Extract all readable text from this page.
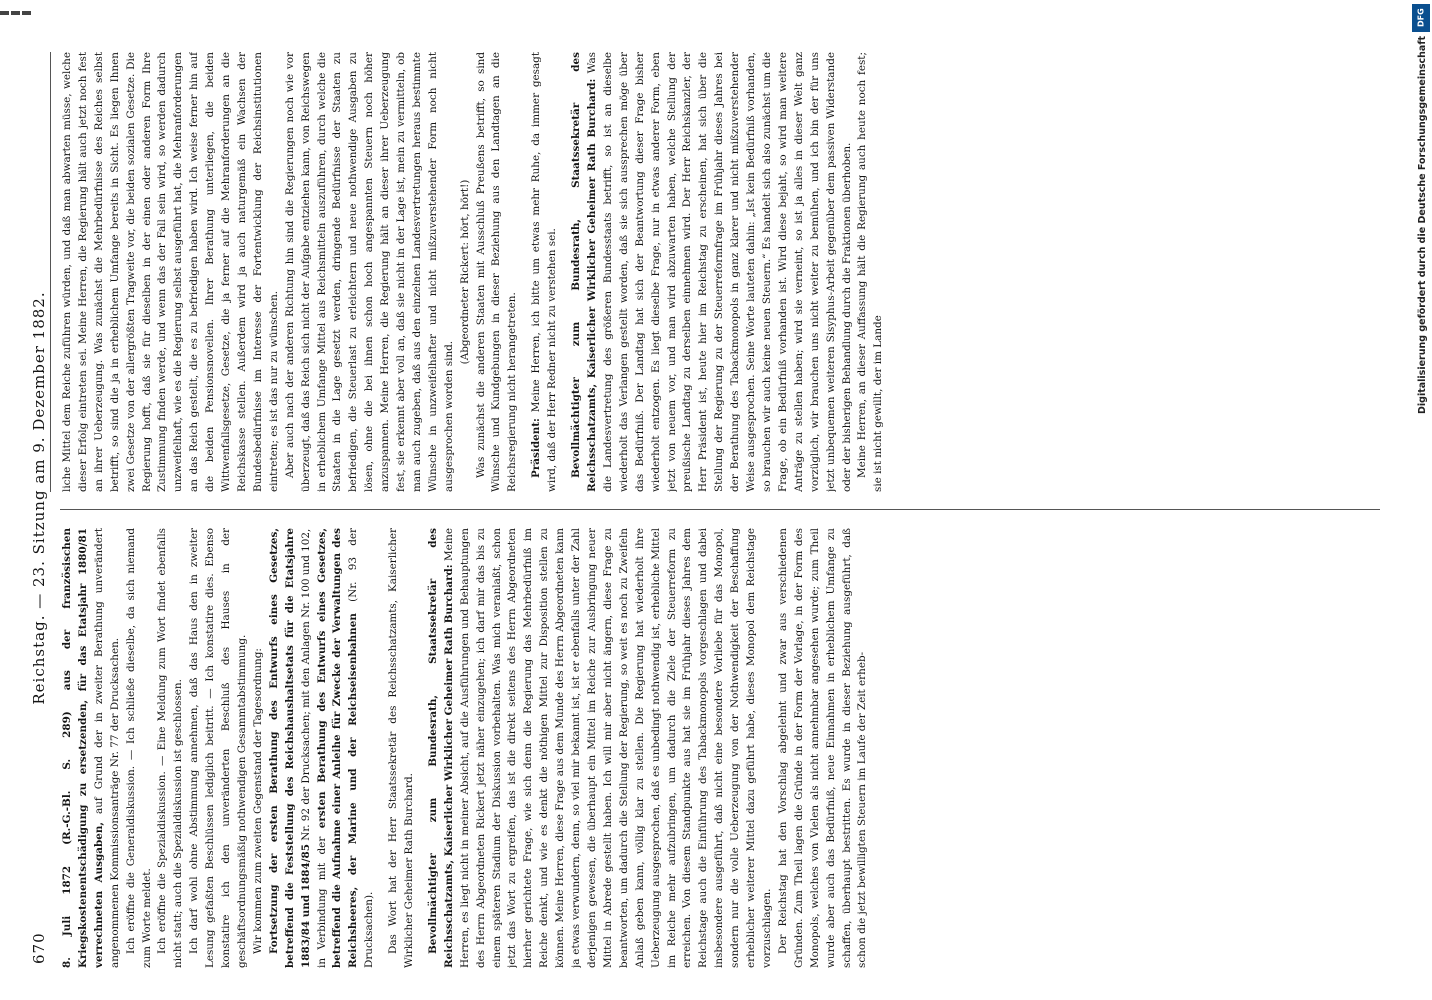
670
Reichstag. — 23. Sitzung am 9. Dezember 1882.

8. Juli 1872 (R.-G.-Bl. S. 289) aus der französischen Kriegskostenentschädigung zu ersetzenden, für das Etatsjahr 1880/81 verrechneten Ausgaben, auf Grund der in zweiter Berathung unverändert angenommenen Kommissionsanträge Nr. 77 der Drucksachen. Ich eröffne die Generaldiskussion. — Ich schließe dieselbe, da sich niemand zum Worte meldet. Ich eröffne die Spezialdiskussion. — Eine Meldung zum Wort findet ebenfalls nicht statt; auch die Spezialdiskussion ist geschlossen. Ich darf wohl ohne Abstimmung annehmen, daß das Haus den in zweiter Lesung gefaßten Beschlüssen lediglich beitritt. — Ich konstatire dies. Ebenso konstatire ich den unveränderten Beschluß des Hauses in der geschäftsordnungsmäßig nothwendigen Gesammtabstimmung. Wir kommen zum zweiten Gegenstand der Tagesordnung: Fortsetzung der ersten Berathung des Entwurfs eines Gesetzes, betreffend die Feststellung des Reichshaushaltsetats für die Etatsjahre 1883/84 und 1884/85 Nr. 92 der Drucksachen; mit den Anlagen Nr. 100 und 102,

in Verbindung mit der ersten Berathung des Entwurfs eines Gesetzes, betreffend die Aufnahme einer Anleihe für Zwecke der Verwaltungen des Reichsheeres, der Marine und der Reichseisenbahnen (Nr. 93 der Drucksachen). Das Wort hat der Herr Staatssekretär des Reichsschatzamts, Kaiserlicher Wirklicher Geheimer Rath Burchard. Bevollmächtigter zum Bundesrath, Staatssekretär des Reichsschatzamts, Kaiserlicher Wirklicher Geheimer Rath Burchard: Meine Herren, es liegt nicht in meiner Absicht, auf die Ausführungen und Behauptungen des Herrn Abgeordneten Rickert jetzt näher einzugehen; ich darf mir das bis zu einem späteren Stadium der Diskussion vorbehalten. Was mich veranlaßt, schon jetzt das Wort zu ergreifen, das ist die direkt seitens des Herrn Abgeordneten hierher gerichtete Frage, wie sich denn die Regierung das Mehrbedürfniß im Reiche denkt, und wie es denkt die nöthigen Mittel zur Disposition stellen zu können. Meine Herren, diese Frage aus dem Munde des Herrn Abgeordneten kann ja etwas verwundern, denn, so viel mir bekannt ist, ist er ebenfalls unter der Zahl derjenigen gewesen, die überhaupt ein Mittel im Reiche zur Ausbringung neuer Mittel in Abrede gestellt haben. Ich will mir aber nicht ängern, diese Frage zu beantworten, um dadurch die Stellung der Regierung, so weit es noch zu Zweifeln Anlaß geben kann, völlig klar zu stellen. Die Regierung hat wiederholt ihre Ueberzeugung ausgesprochen, daß es unbedingt nothwendig ist, erhebliche Mittel im Reiche mehr aufzubringen, um dadurch die Ziele der Steuerreform zu erreichen. Von diesem Standpunkte aus hat sie im Frühjahr dieses Jahres dem Reichstage auch die Einführung des Tabackmonopols vorgeschlagen und dabei insbesondere ausgeführt, daß nicht eine besondere Vorliebe für das Monopol, sondern nur die volle Ueberzeugung von der Nothwendigkeit der Beschaffung erheblicher weiterer Mittel dazu geführt habe, dieses Monopol dem Reichstage vorzuschlagen. Der Reichstag hat den Vorschlag abgelehnt und zwar aus verschiedenen Gründen. Zum Theil lagen die Gründe in der Form der Vorlage, in der Form des Monopols, welches von Vielen als nicht annehmbar angesehen wurde; zum Theil wurde aber auch das Bedürfniß, neue Einnahmen in erheblichem Umfange zu schaffen, überhaupt bestritten. Es wurde in dieser Beziehung ausgeführt, daß schon die jetzt bewilligten Steuern im Laufe der Zeit erheb-

liche Mittel dem Reiche zuführen würden, und daß man abwarten müsse, welche dieser Erfolg eintreten sei. Meine Herren, die Regierung hält auch jetzt noch fest an ihrer Ueberzeugung. Was zunächst die Mehrbedürfnisse des Reiches selbst betrifft, so sind die ja in erheblichem Umfange bereits in Sicht. Es liegen Ihnen zwei Gesetze von der allergrößten Tragweite vor, die beiden sozialen Gesetze. Die Regierung hofft, daß sie für dieselben in der einen oder anderen Form Ihre Zustimmung finden werde, und wenn das der Fall sein wird, so werden dadurch unzweifelhaft, wie es die Regierung selbst ausgeführt hat, die Mehranforderungen an das Reich gestellt, die es zu befriedigen haben wird. Ich weise ferner hin auf die beiden Pensionsnovellen. Ihrer Berathung unterliegen, die beiden Wittwenfallsgesetze, Gesetze, die ja ferner auf die Mehranforderungen an die Reichskasse stellen. Außerdem wird ja auch naturgemäß ein Wachsen der Bundesbedürfnisse im Interesse der Fortentwicklung der Reichsinstitutionen eintreten; es ist das nur zu wünschen. Aber auch nach der anderen Richtung hin sind die Regierungen noch wie vor überzeugt, daß das Reich sich nicht der Aufgabe entziehen kann, von Reichswegen in erheblichem Umfange Mittel aus Reichsmitteln auszuführen, durch welche die Staaten in die Lage gesetzt werden, dringende Bedürfnisse der Staaten zu befriedigen, die Steuerlast zu erleichtern und neue nothwendige Ausgaben zu lösen, ohne die bei ihnen schon hoch angespannten Steuern noch höher anzuspannen. Meine Herren, die Regierung hält an dieser ihrer Ueberzeugung fest, sie erkennt aber voll an, daß sie nicht in der Lage ist, mein zu vermitteln, ob man auch zugeben, daß aus den einzelnen Landesvertretungen heraus bestimmte Wünsche in unzweifelhafter und nicht mißzuverstehender Form noch nicht ausgesprochen worden sind.

(Abgeordneter Rickert: hört, hört!) Was zunächst die anderen Staaten mit Ausschluß Preußens betrifft, so sind Wünsche und Kundgebungen in dieser Beziehung aus den Landtagen an die Reichsregierung nicht herangetreten. Präsident: Meine Herren, ich bitte um etwas mehr Ruhe, da immer gesagt wird, daß der Herr Redner nicht zu verstehen sei. Bevollmächtigter zum Bundesrath, Staatssekretär des Reichsschatzamts, Kaiserlicher Wirklicher Geheimer Rath Burchard: Was die Landesvertretung des größeren Bundesstaats betrifft, so ist an dieselbe wiederholt das Verlangen gestellt worden, daß sie sich aussprechen möge über das Bedürfniß. Der Landtag hat sich der Beantwortung dieser Frage bisher wiederholt entzogen. Es liegt dieselbe Frage, nur in etwas anderer Form, eben jetzt von neuem vor, und man wird abzuwarten haben, welche Stellung der preußische Landtag zu derselben einnehmen wird. Der Herr Reichskanzler, der Herr Präsident ist, heute hier im Reichstag zu erscheinen, hat sich über die Stellung der Regierung zu der Steuerreformfrage im Frühjahr dieses Jahres bei der Berathung des Tabackmonopols in ganz klarer und nicht mißzuverstehender Weise ausgesprochen. Seine Worte lauteten dahin: „Ist kein Bedürfniß vorhanden, so brauchen wir auch keine neuen Steuern.“ Es handelt sich also zunächst um die Frage, ob ein Bedürfniß vorhanden ist. Wird diese bejaht, so wird man weitere Anträge zu stellen haben; wird sie verneint, so ist ja alles in dieser Welt ganz vorzüglich, wir brauchen uns nicht weiter zu bemühen, und ich bin der für uns jetzt unbequemen weiteren Sisyphus-Arbeit gegenüber dem passiven Widerstande oder der bisherigen Behandlung durch die Fraktionen überhoben. Meine Herren, an dieser Auffassung hält die Regierung auch heute noch fest; sie ist nicht gewillt, der im Lande

DFG
Digitalisierung gefördert durch die Deutsche Forschungsgemeinschaft
